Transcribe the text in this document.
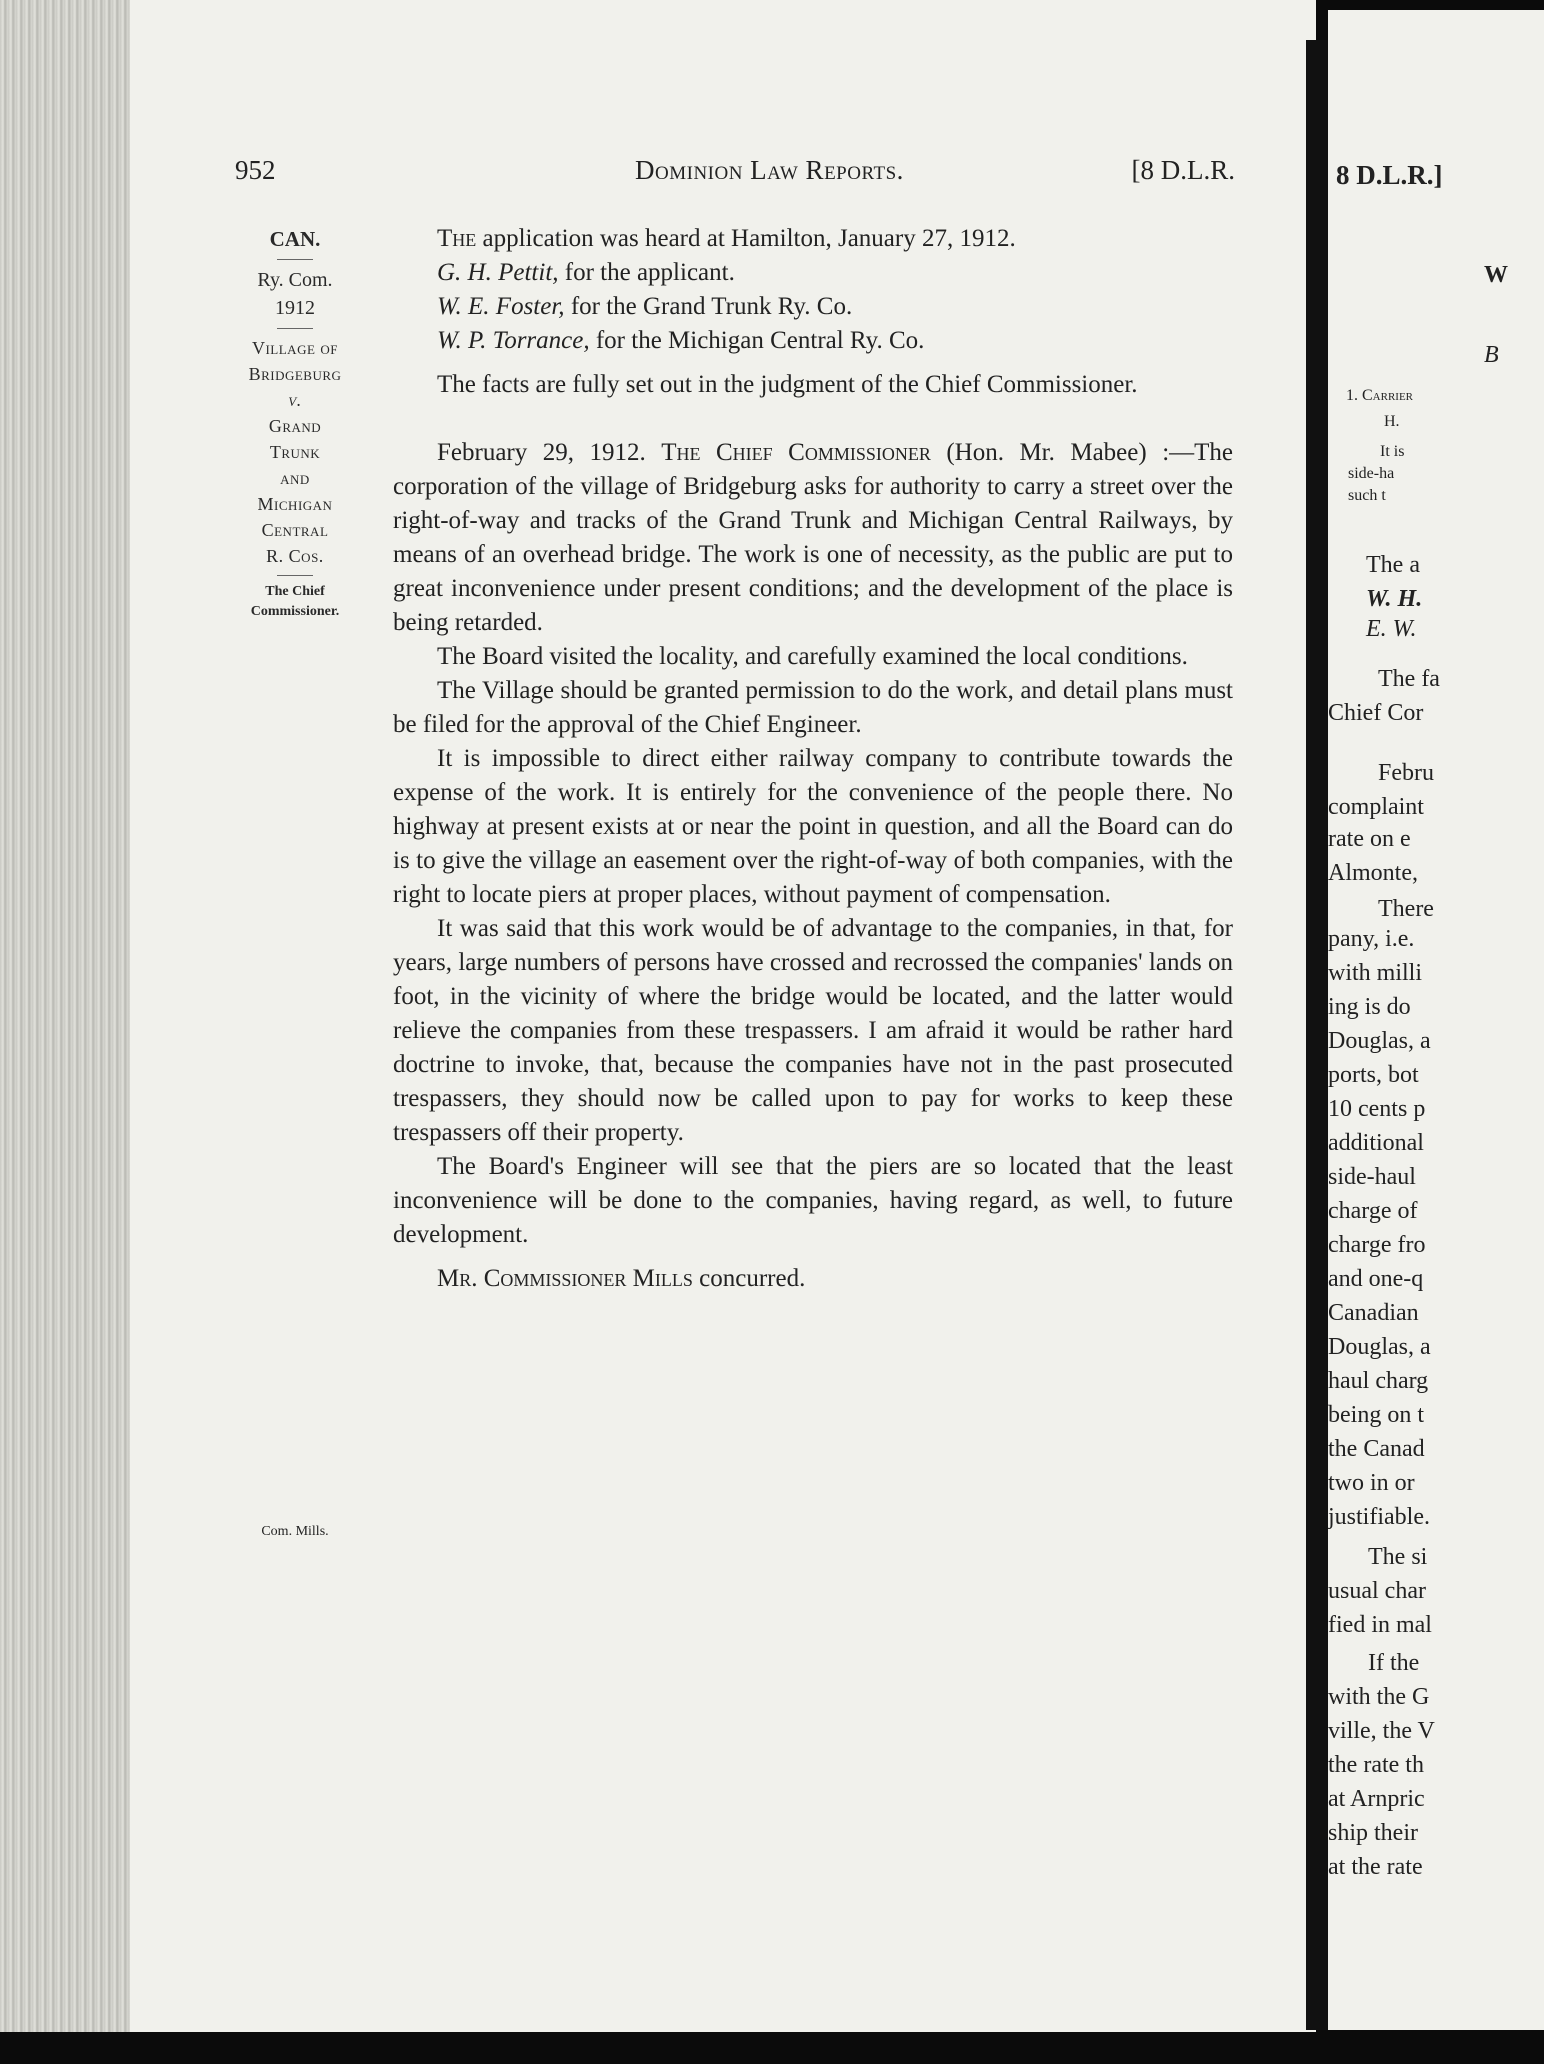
952	Dominion Law Reports.	[8 D.L.R.

CAN.

Ry. Com.

1912

Village of

Bridgeburg

v.

Grand

Trunk

and

Michigan

Central

R. Cos.

The Chief

Commissioner.

Com. Mills.

The application was heard at Hamilton, January 27, 1912.

G. H. Pettit, for the applicant.

W. E. Foster, for the Grand Trunk Ry. Co.

W. P. Torrance, for the Michigan Central Ry. Co.

The facts are fully set out in the judgment of the Chief Commissioner.

February 29, 1912. The Chief Commissioner (Hon. Mr. Mabee) :—The corporation of the village of Bridgeburg asks for authority to carry a street over the right-of-way and tracks of the Grand Trunk and Michigan Central Railways, by means of an overhead bridge. The work is one of necessity, as the public are put to great inconvenience under present conditions; and the development of the place is being retarded.

The Board visited the locality, and carefully examined the local conditions.

The Village should be granted permission to do the work, and detail plans must be filed for the approval of the Chief Engineer.

It is impossible to direct either railway company to contribute towards the expense of the work. It is entirely for the convenience of the people there. No highway at present exists at or near the point in question, and all the Board can do is to give the village an easement over the right-of-way of both companies, with the right to locate piers at proper places, without payment of compensation.

It was said that this work would be of advantage to the companies, in that, for years, large numbers of persons have crossed and recrossed the companies' lands on foot, in the vicinity of where the bridge would be located, and the latter would relieve the companies from these trespassers. I am afraid it would be rather hard doctrine to invoke, that, because the companies have not in the past prosecuted trespassers, they should now be called upon to pay for works to keep these trespassers off their property.

The Board's Engineer will see that the piers are so located that the least inconvenience will be done to the companies, having regard, as well, to future development.

Mr. Commissioner Mills concurred.

8 D.L.R.]
W
B
1. Carrier
H.
It is
side-ha
such t
The a
W. H.
E. W.
The fa
Chief Cor
Febru
complaint
rate on e
Almonte,
There
pany, i.e.
with milli
ing is do
Douglas, a
ports, bot
10 cents p
additional
side-haul
charge of
charge fro
and one-q
Canadian
Douglas, a
haul charg
being on t
the Canad
two in or
justifiable.
The si
usual char
fied in mal
If the
with the G
ville, the V
the rate th
at Arnpric
ship their
at the rate
